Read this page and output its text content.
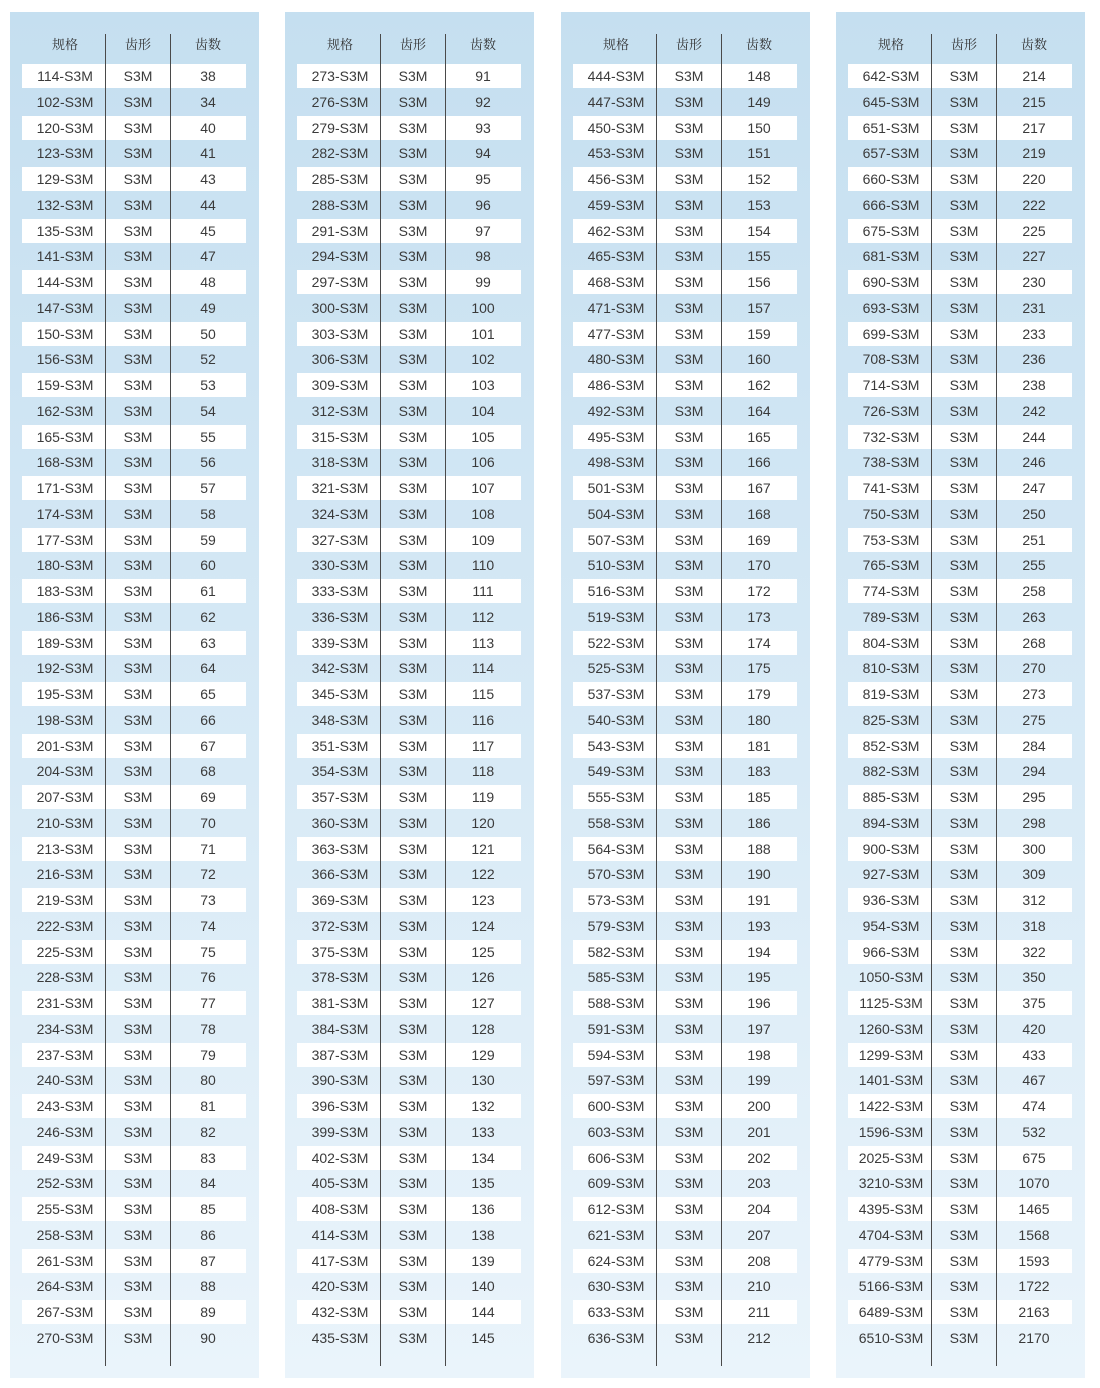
规格	齿形	齿数
114-S3M S3M	38
102-S3M S3M	34
120-S3M S3M	40
123-S3M S3M	41
129-S3M S3M	43
132-S3M S3M	44
135-S3M S3M	45
141-S3M S3M	47
144-S3M S3M	48
147-S3M S3M	49
150-S3M S3M	50
156-S3M S3M	52
159-S3M S3M	53
162-S3M S3M	54
165-S3M S3M	55
168-S3M S3M	56
171-S3M S3M	57
174-S3M S3M	58
177-S3M S3M	59
180-S3M S3M	60
183-S3M S3M	61
186-S3M S3M	62
189-S3M S3M	63
192-S3M S3M	64
195-S3M S3M	65
198-S3M S3M	66
201-S3M S3M	67
204-S3M S3M	68
207-S3M S3M	69
210-S3M S3M	70
213-S3M S3M	71
216-S3M S3M	72
219-S3M S3M	73
222-S3M S3M	74
225-S3M S3M	75
228-S3M S3M	76
231-S3M S3M	77
234-S3M S3M	78
237-S3M S3M	79
240-S3M S3M	80
243-S3M S3M	81
246-S3M S3M	82
249-S3M S3M	83
252-S3M S3M	84
255-S3M S3M	85
258-S3M S3M	86
261-S3M S3M	87
264-S3M S3M	88
267-S3M S3M	89
270-S3M S3M	90
规格	齿形	齿数
273-S3M S3M	91
276-S3M S3M	92
279-S3M S3M	93
282-S3M S3M	94
285-S3M S3M	95
288-S3M S3M	96
291-S3M S3M	97
294-S3M S3M	98
297-S3M S3M	99
300-S3M S3M	100
303-S3M S3M	101
306-S3M S3M	102
309-S3M S3M	103
312-S3M S3M	104
315-S3M S3M	105
318-S3M S3M	106
321-S3M S3M	107
324-S3M S3M	108
327-S3M S3M	109
330-S3M S3M	110
333-S3M S3M	111
336-S3M S3M	112
339-S3M S3M	113
342-S3M S3M	114
345-S3M S3M	115
348-S3M S3M	116
351-S3M S3M	117
354-S3M S3M	118
357-S3M S3M	119
360-S3M S3M	120
363-S3M S3M	121
366-S3M S3M	122
369-S3M S3M	123
372-S3M S3M	124
375-S3M S3M	125
378-S3M S3M	126
381-S3M S3M	127
384-S3M S3M	128
387-S3M S3M	129
390-S3M S3M	130
396-S3M S3M	132
399-S3M S3M	133
402-S3M S3M	134
405-S3M S3M	135
408-S3M S3M	136
414-S3M S3M	138
417-S3M S3M	139
420-S3M S3M	140
432-S3M S3M	144
435-S3M S3M	145
规格	齿形	齿数
444-S3M S3M	148
447-S3M S3M	149
450-S3M S3M	150
453-S3M S3M	151
456-S3M S3M	152
459-S3M S3M	153
462-S3M S3M	154
465-S3M S3M	155
468-S3M S3M	156
471-S3M S3M	157
477-S3M S3M	159
480-S3M S3M	160
486-S3M S3M	162
492-S3M S3M	164
495-S3M S3M	165
498-S3M S3M	166
501-S3M S3M	167
504-S3M S3M	168
507-S3M S3M	169
510-S3M S3M	170
516-S3M S3M	172
519-S3M S3M	173
522-S3M S3M	174
525-S3M S3M	175
537-S3M S3M	179
540-S3M S3M	180
543-S3M S3M	181
549-S3M S3M	183
555-S3M S3M	185
558-S3M S3M	186
564-S3M S3M	188
570-S3M S3M	190
573-S3M S3M	191
579-S3M S3M	193
582-S3M S3M	194
585-S3M S3M	195
588-S3M S3M	196
591-S3M S3M	197
594-S3M S3M	198
597-S3M S3M	199
600-S3M S3M	200
603-S3M S3M	201
606-S3M S3M	202
609-S3M S3M	203
612-S3M S3M	204
621-S3M S3M	207
624-S3M S3M	208
630-S3M S3M	210
633-S3M S3M	211
636-S3M S3M	212
规格	齿形	齿数
642-S3M S3M	214
645-S3M S3M	215
651-S3M S3M	217
657-S3M S3M	219
660-S3M S3M	220
666-S3M S3M	222
675-S3M S3M	225
681-S3M S3M	227
690-S3M S3M	230
693-S3M S3M	231
699-S3M S3M	233
708-S3M S3M	236
714-S3M S3M	238
726-S3M S3M	242
732-S3M S3M	244
738-S3M S3M	246
741-S3M S3M	247
750-S3M S3M	250
753-S3M S3M	251
765-S3M S3M	255
774-S3M S3M	258
789-S3M S3M	263
804-S3M S3M	268
810-S3M S3M	270
819-S3M S3M	273
825-S3M S3M	275
852-S3M S3M	284
882-S3M S3M	294
885-S3M S3M	295
894-S3M S3M	298
900-S3M S3M	300
927-S3M S3M	309
936-S3M S3M	312
954-S3M S3M	318
966-S3M S3M	322
1050-S3M S3M	350
1125-S3M S3M	375
1260-S3M S3M	420
1299-S3M S3M	433
1401-S3M S3M	467
1422-S3M S3M	474
1596-S3M S3M	532
2025-S3M S3M	675
3210-S3M S3M	1070
4395-S3M S3M	1465
4704-S3M S3M	1568
4779-S3M S3M	1593
5166-S3M S3M	1722
6489-S3M S3M	2163
6510-S3M S3M	2170
